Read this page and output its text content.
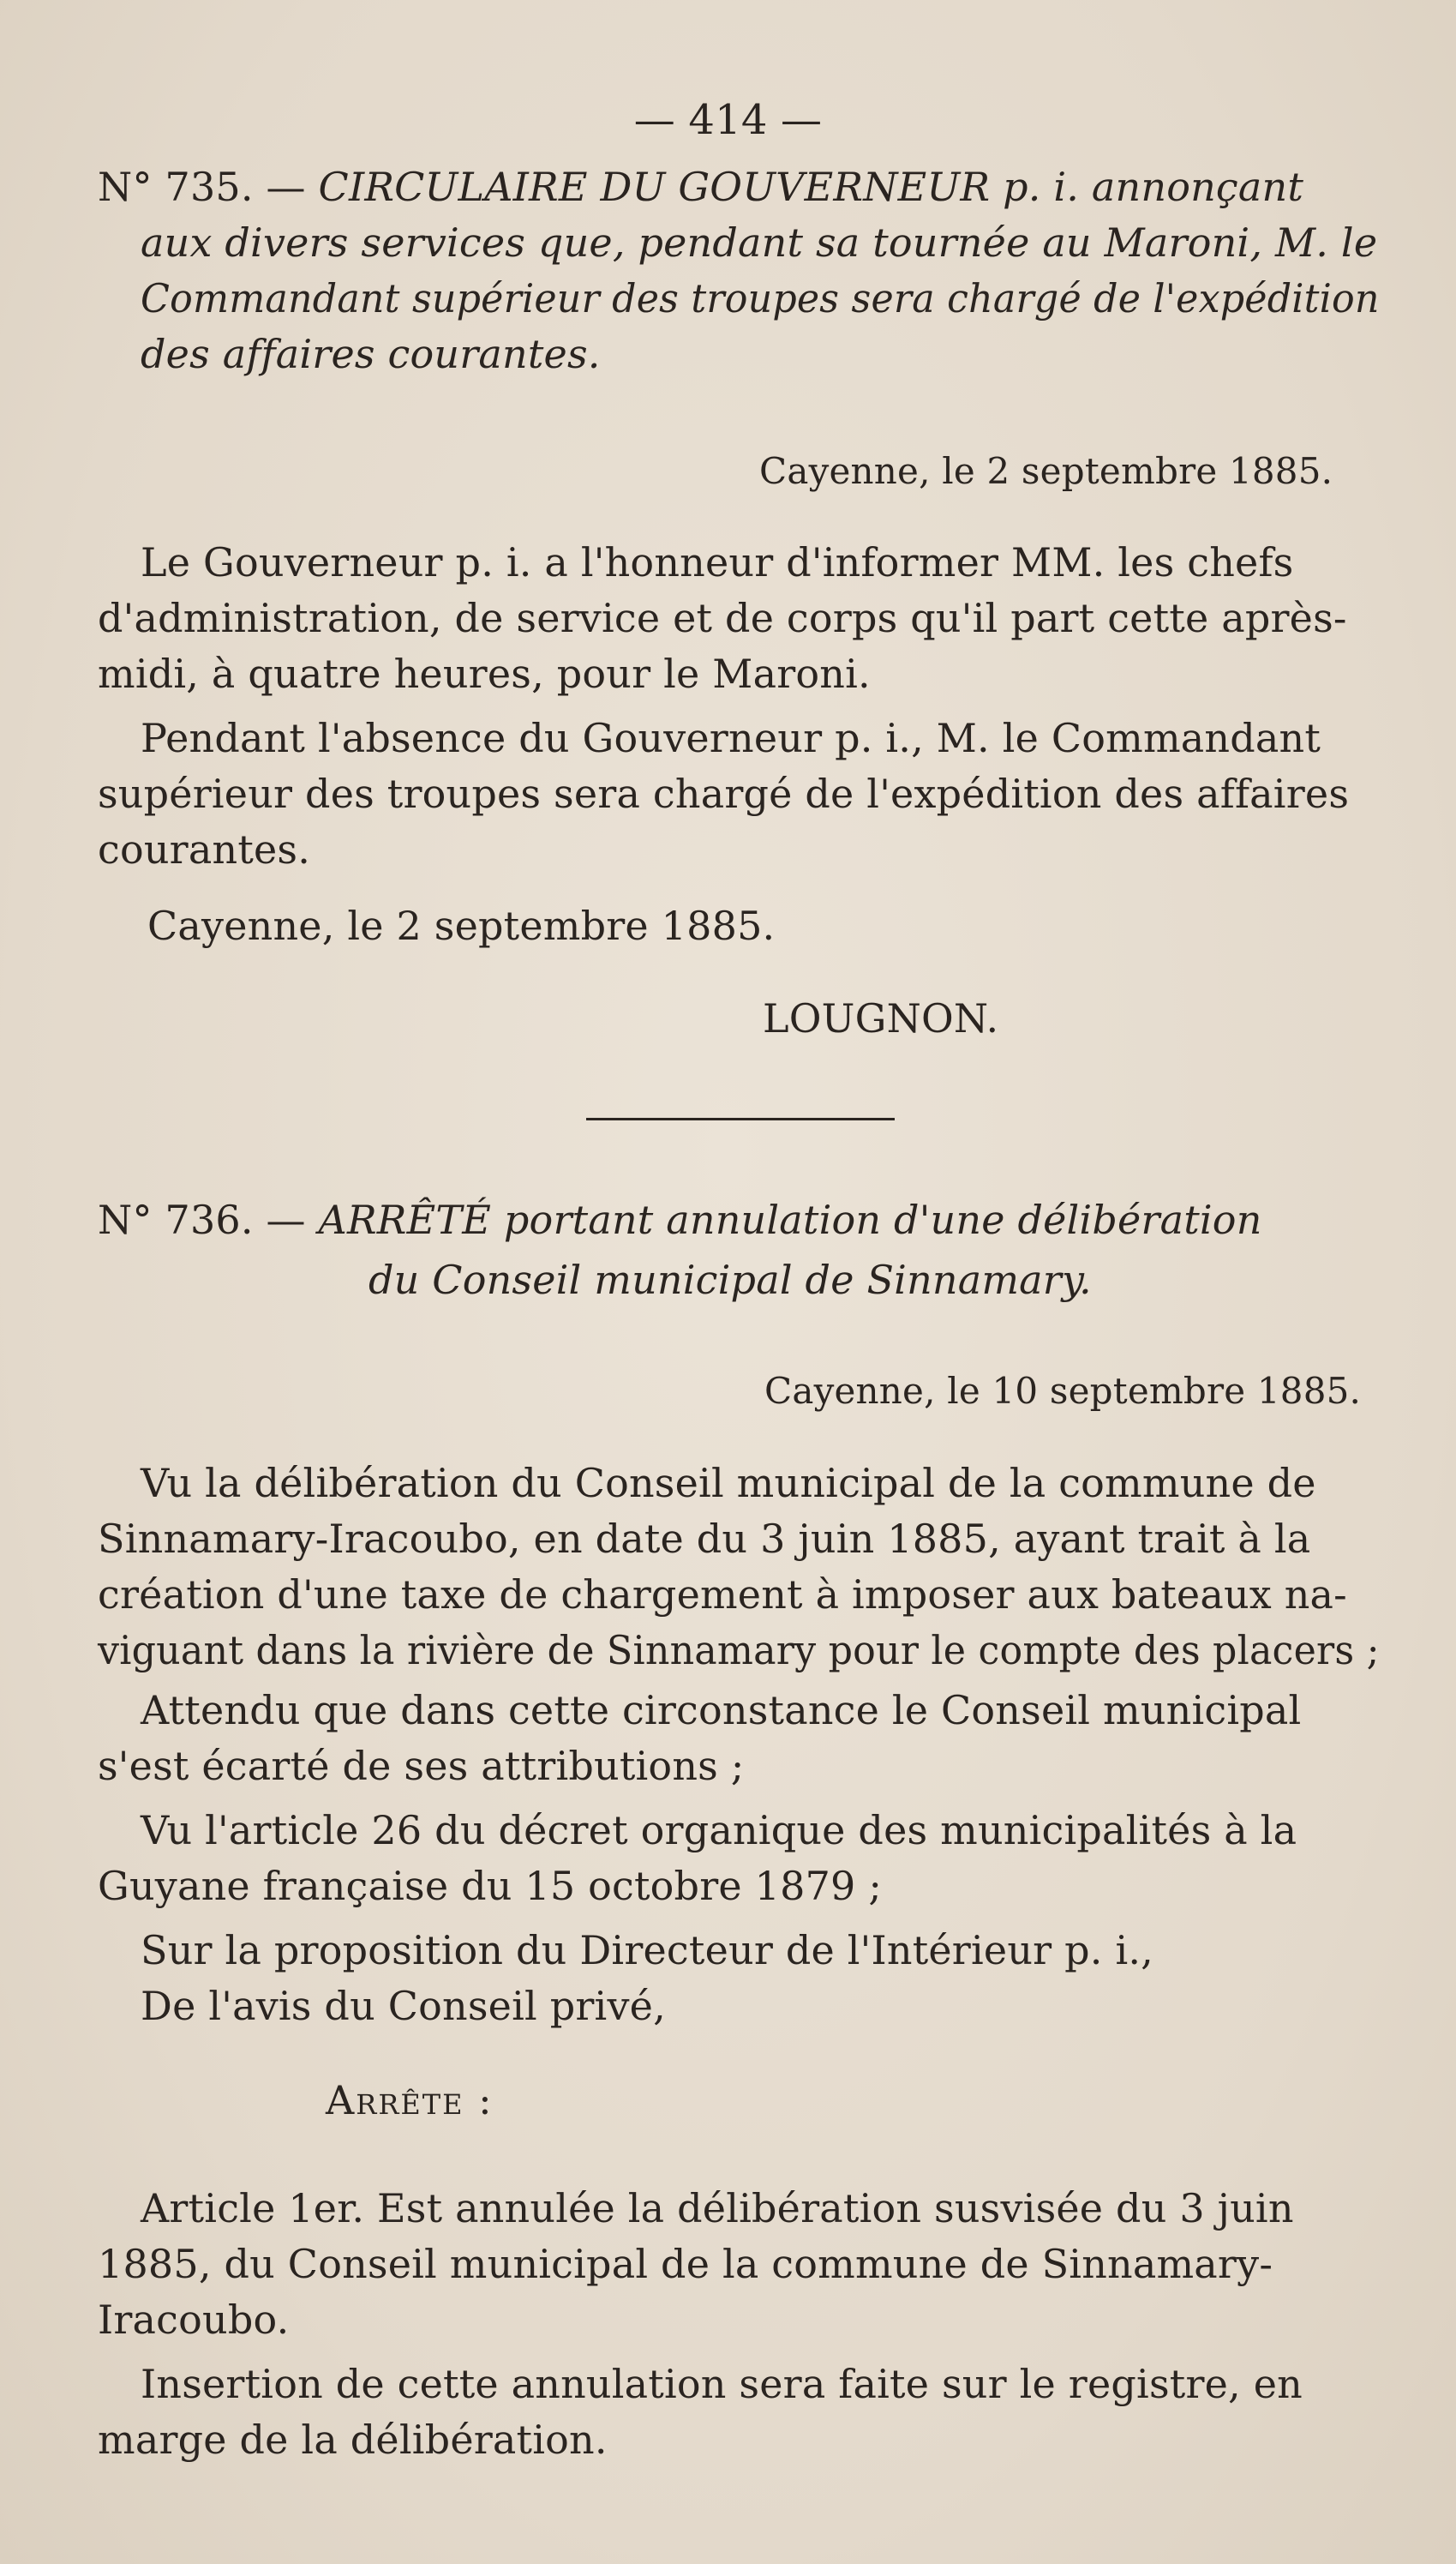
— 414 —
N° 735. — CIRCULAIRE DU GOUVERNEUR p. i. annonçant
aux divers services que, pendant sa tournée au Maroni, M. le
Commandant supérieur des troupes sera chargé de l'expédition
des affaires courantes.
Cayenne, le 2 septembre 1885.
Le Gouverneur p. i. a l'honneur d'informer MM. les chefs
d'administration, de service et de corps qu'il part cette après-
midi, à quatre heures, pour le Maroni.
Pendant l'absence du Gouverneur p. i., M. le Commandant
supérieur des troupes sera chargé de l'expédition des affaires
courantes.
Cayenne, le 2 septembre 1885.
LOUGNON.
N° 736. — ARRÊTÉ portant annulation d'une délibération
du Conseil municipal de Sinnamary.
Cayenne, le 10 septembre 1885.
Vu la délibération du Conseil municipal de la commune de
Sinnamary-Iracoubo, en date du 3 juin 1885, ayant trait à la
création d'une taxe de chargement à imposer aux bateaux na-
viguant dans la rivière de Sinnamary pour le compte des placers ;
Attendu que dans cette circonstance le Conseil municipal
s'est écarté de ses attributions ;
Vu l'article 26 du décret organique des municipalités à la
Guyane française du 15 octobre 1879 ;
Sur la proposition du Directeur de l'Intérieur p. i.,
De l'avis du Conseil privé,
Arrête :
Article 1er. Est annulée la délibération susvisée du 3 juin
1885, du Conseil municipal de la commune de Sinnamary-
Iracoubo.
Insertion de cette annulation sera faite sur le registre, en
marge de la délibération.
